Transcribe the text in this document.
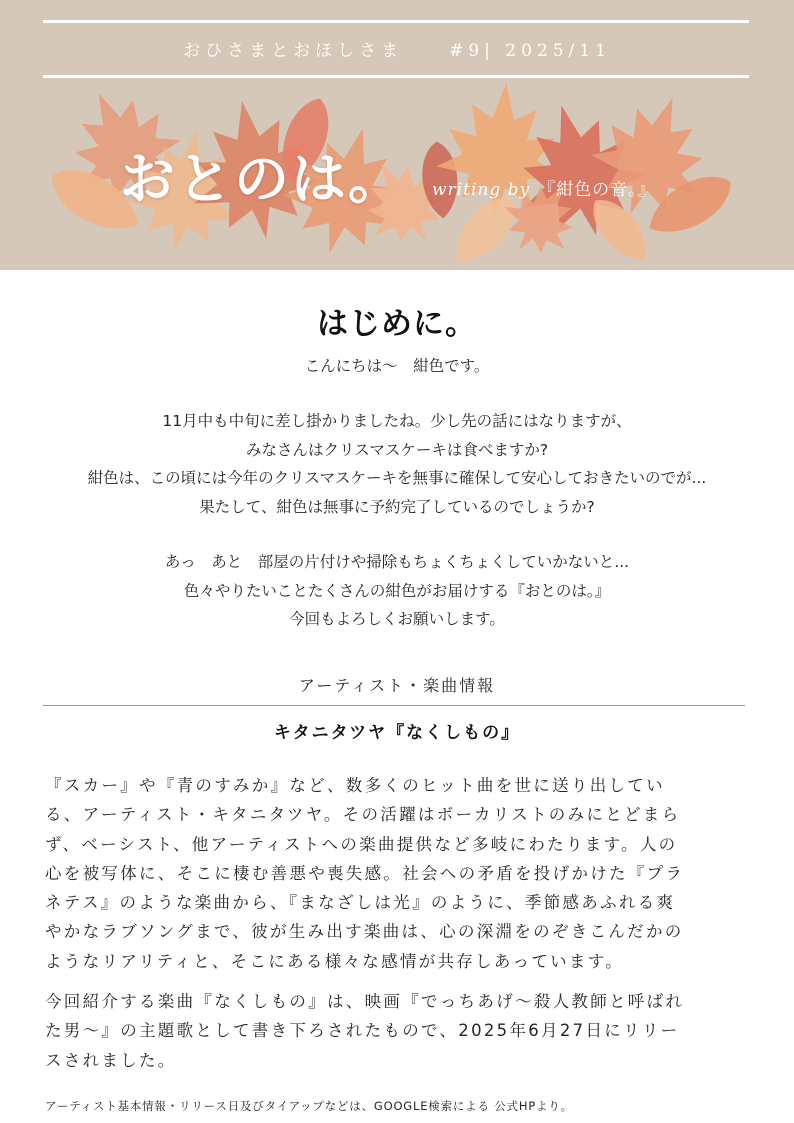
おひさまとおほしさま	#9| 2025/11
おとのは。 writing by 『紺色の音。』
はじめに。
こんにちは～　紺色です。
11月中も中旬に差し掛かりましたね。少し先の話にはなりますが、
みなさんはクリスマスケーキは食べますか?
紺色は、この頃には今年のクリスマスケーキを無事に確保して安心しておきたいのでが...
果たして、紺色は無事に予約完了しているのでしょうか?
あっ　あと　部屋の片付けや掃除もちょくちょくしていかないと...
色々やりたいことたくさんの紺色がお届けする『おとのは。』
今回もよろしくお願いします。
アーティスト・楽曲情報
キタニタツヤ『なくしもの』
『スカー』や『青のすみか』など、数多くのヒット曲を世に送り出してい
る、アーティスト・キタニタツヤ。その活躍はボーカリストのみにとどまら
ず、ベーシスト、他アーティストへの楽曲提供など多岐にわたります。人の
心を被写体に、そこに棲む善悪や喪失感。社会への矛盾を投げかけた『プラ
ネテス』のような楽曲から、『まなざしは光』のように、季節感あふれる爽
やかなラブソングまで、彼が生み出す楽曲は、心の深淵をのぞきこんだかの
ようなリアリティと、そこにある様々な感情が共存しあっています。
今回紹介する楽曲『なくしもの』は、映画『でっちあげ～殺人教師と呼ばれ
た男～』の主題歌として書き下ろされたもので、2025年6月27日にリリー
スされました。
アーティスト基本情報・リリース日及びタイアップなどは、GOOGLE検索による 公式HPより。
